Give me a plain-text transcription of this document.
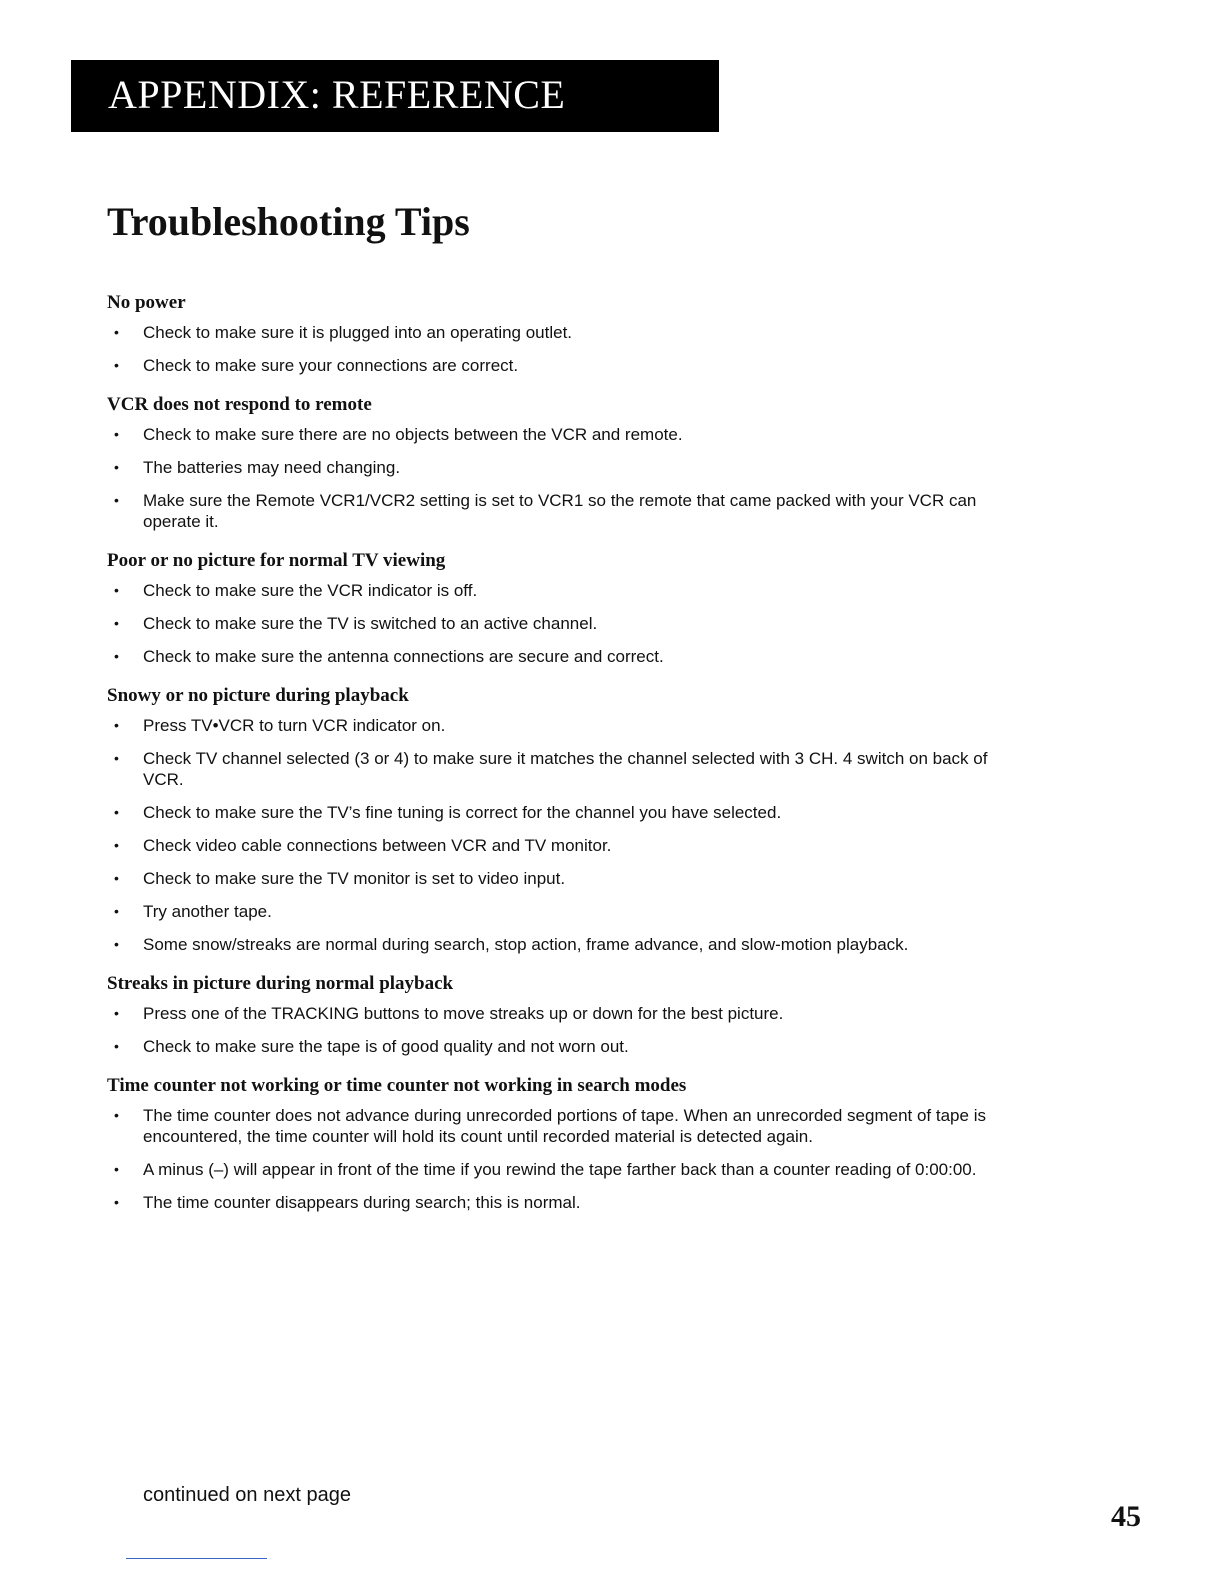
APPENDIX: REFERENCE
Troubleshooting Tips
No power
• Check to make sure it is plugged into an operating outlet.
• Check to make sure your connections are correct.
VCR does not respond to remote
• Check to make sure there are no objects between the VCR and remote.
• The batteries may need changing.
• Make sure the Remote VCR1/VCR2 setting is set to VCR1 so the remote that came packed with your VCR can operate it.
Poor or no picture for normal TV viewing
• Check to make sure the VCR indicator is off.
• Check to make sure the TV is switched to an active channel.
• Check to make sure the antenna connections are secure and correct.
Snowy or no picture during playback
• Press TV•VCR to turn VCR indicator on.
• Check TV channel selected (3 or 4) to make sure it matches the channel selected with 3 CH. 4 switch on back of VCR.
• Check to make sure the TV’s fine tuning is correct for the channel you have selected.
• Check video cable connections between VCR and TV monitor.
• Check to make sure the TV monitor is set to video input.
• Try another tape.
• Some snow/streaks are normal during search, stop action, frame advance, and slow-motion playback.
Streaks in picture during normal playback
• Press one of the TRACKING buttons to move streaks up or down for the best picture.
• Check to make sure the tape is of good quality and not worn out.
Time counter not working or time counter not working in search modes
• The time counter does not advance during unrecorded portions of tape. When an unrecorded segment of tape is encountered, the time counter will hold its count until recorded material is detected again.
• A minus (–) will appear in front of the time if you rewind the tape farther back than a counter reading of 0:00:00.
• The time counter disappears during search; this is normal.
continued on next page
45
